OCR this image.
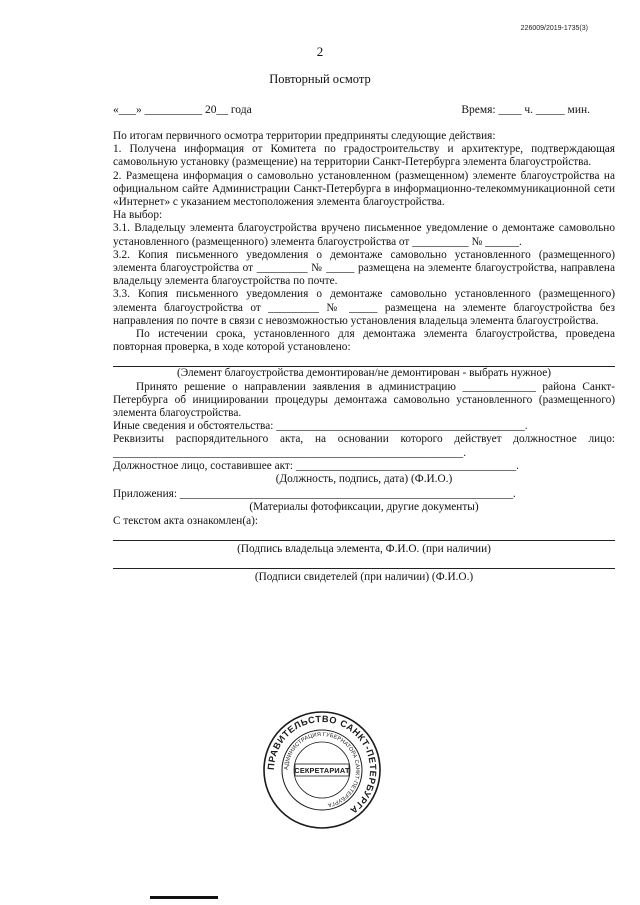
226009/2019-1735(3)
2
Повторный осмотр
«___» __________ 20__ года	Время: ____ ч. _____ мин.

По итогам первичного осмотра территории предприняты следующие действия:

1. Получена информация от Комитета по градостроительству и архитектуре, подтверждающая самовольную установку (размещение) на территории Санкт-Петербурга элемента благоустройства.

2. Размещена информация о самовольно установленном (размещенном) элементе благоустройства на официальном сайте Администрации Санкт-Петербурга в информационно-телекоммуникационной сети «Интернет» с указанием местоположения элемента благоустройства.

На выбор:

3.1. Владельцу элемента благоустройства вручено письменное уведомление о демонтаже самовольно установленного (размещенного) элемента благоустройства от __________ № ______.

3.2. Копия письменного уведомления о демонтаже самовольно установленного (размещенного) элемента благоустройства от _________ № _____ размещена на элементе благоустройства, направлена владельцу элемента благоустройства по почте.

3.3. Копия письменного уведомления о демонтаже самовольно установленного (размещенного) элемента благоустройства от _________ № _____ размещена на элементе благоустройства без направления по почте в связи с невозможностью установления владельца элемента благоустройства.

По истечении срока, установленного для демонтажа элемента благоустройства, проведена повторная проверка, в ходе которой установлено:

(Элемент благоустройства демонтирован/не демонтирован - выбрать нужное)

Принято решение о направлении заявления в администрацию _____________ района Санкт-Петербурга об инициировании процедуры демонтажа самовольно установленного (размещенного) элемента благоустройства.

Иные сведения и обстоятельства: ____________________________________________.

Реквизиты распорядительного акта, на основании которого действует должностное лицо: ______________________________________________________________.

Должностное лицо, составившее акт: _______________________________________.

(Должность, подпись, дата) (Ф.И.О.)

Приложения: ___________________________________________________________.

(Материалы фотофиксации, другие документы)

С текстом акта ознакомлен(а):

(Подпись владельца элемента, Ф.И.О. (при наличии)

(Подписи свидетелей (при наличии) (Ф.И.О.)

ПРАВИТЕЛЬСТВО САНКТ-ПЕТЕРБУРГА
АДМИНИСТРАЦИЯ ГУБЕРНАТОРА САНКТ-ПЕТЕРБУРГА
СЕКРЕТАРИАТ
